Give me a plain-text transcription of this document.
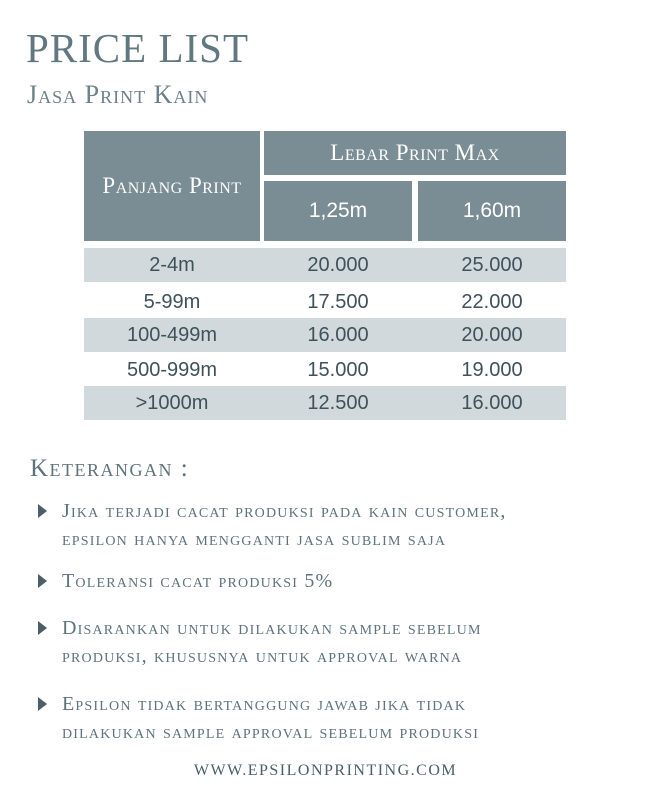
PRICE LIST
Jasa Print Kain
Panjang Print
Lebar Print Max
1,25m	1,60m
2-4m	20.000	25.000
5-99m	17.500	22.000
100-499m	16.000	20.000
500-999m	15.000	19.000
>1000m	12.500	16.000
Keterangan :
Jika terjadi cacat produksi pada kain customer,
epsilon hanya mengganti jasa sublim saja
Toleransi cacat produksi 5%
Disarankan untuk dilakukan sample sebelum
produksi, khususnya untuk approval warna
Epsilon tidak bertanggung jawab jika tidak
dilakukan sample approval sebelum produksi
WWW.EPSILONPRINTING.COM
